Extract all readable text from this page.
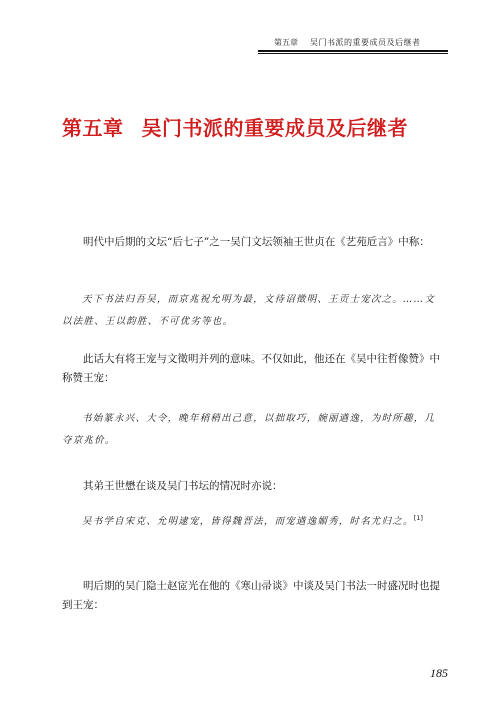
第五章 吴门书派的重要成员及后继者
第五章 吴门书派的重要成员及后继者
明代中后期的文坛“后七子”之一吴门文坛领袖王世贞在《艺苑卮言》中称：
天下书法归吾吴，而京兆祝允明为最，文待诏徵明、王贡士宠次之。……文以法胜、王以韵胜、不可优劣等也。
此话大有将王宠与文徵明并列的意味。不仅如此，他还在《吴中往哲像赞》中称赞王宠：
书始篆永兴、大令，晚年稍稍出己意，以拙取巧，婉丽遒逸，为时所趣，几夺京兆价。
其弟王世懋在谈及吴门书坛的情况时亦说：
吴书学自宋克、允明逮宠，皆得魏晋法，而宠遒逸媚秀，时名尤归之。[1]
明后期的吴门隐士赵宧光在他的《寒山帚谈》中谈及吴门书法一时盛况时也提到王宠：
185
